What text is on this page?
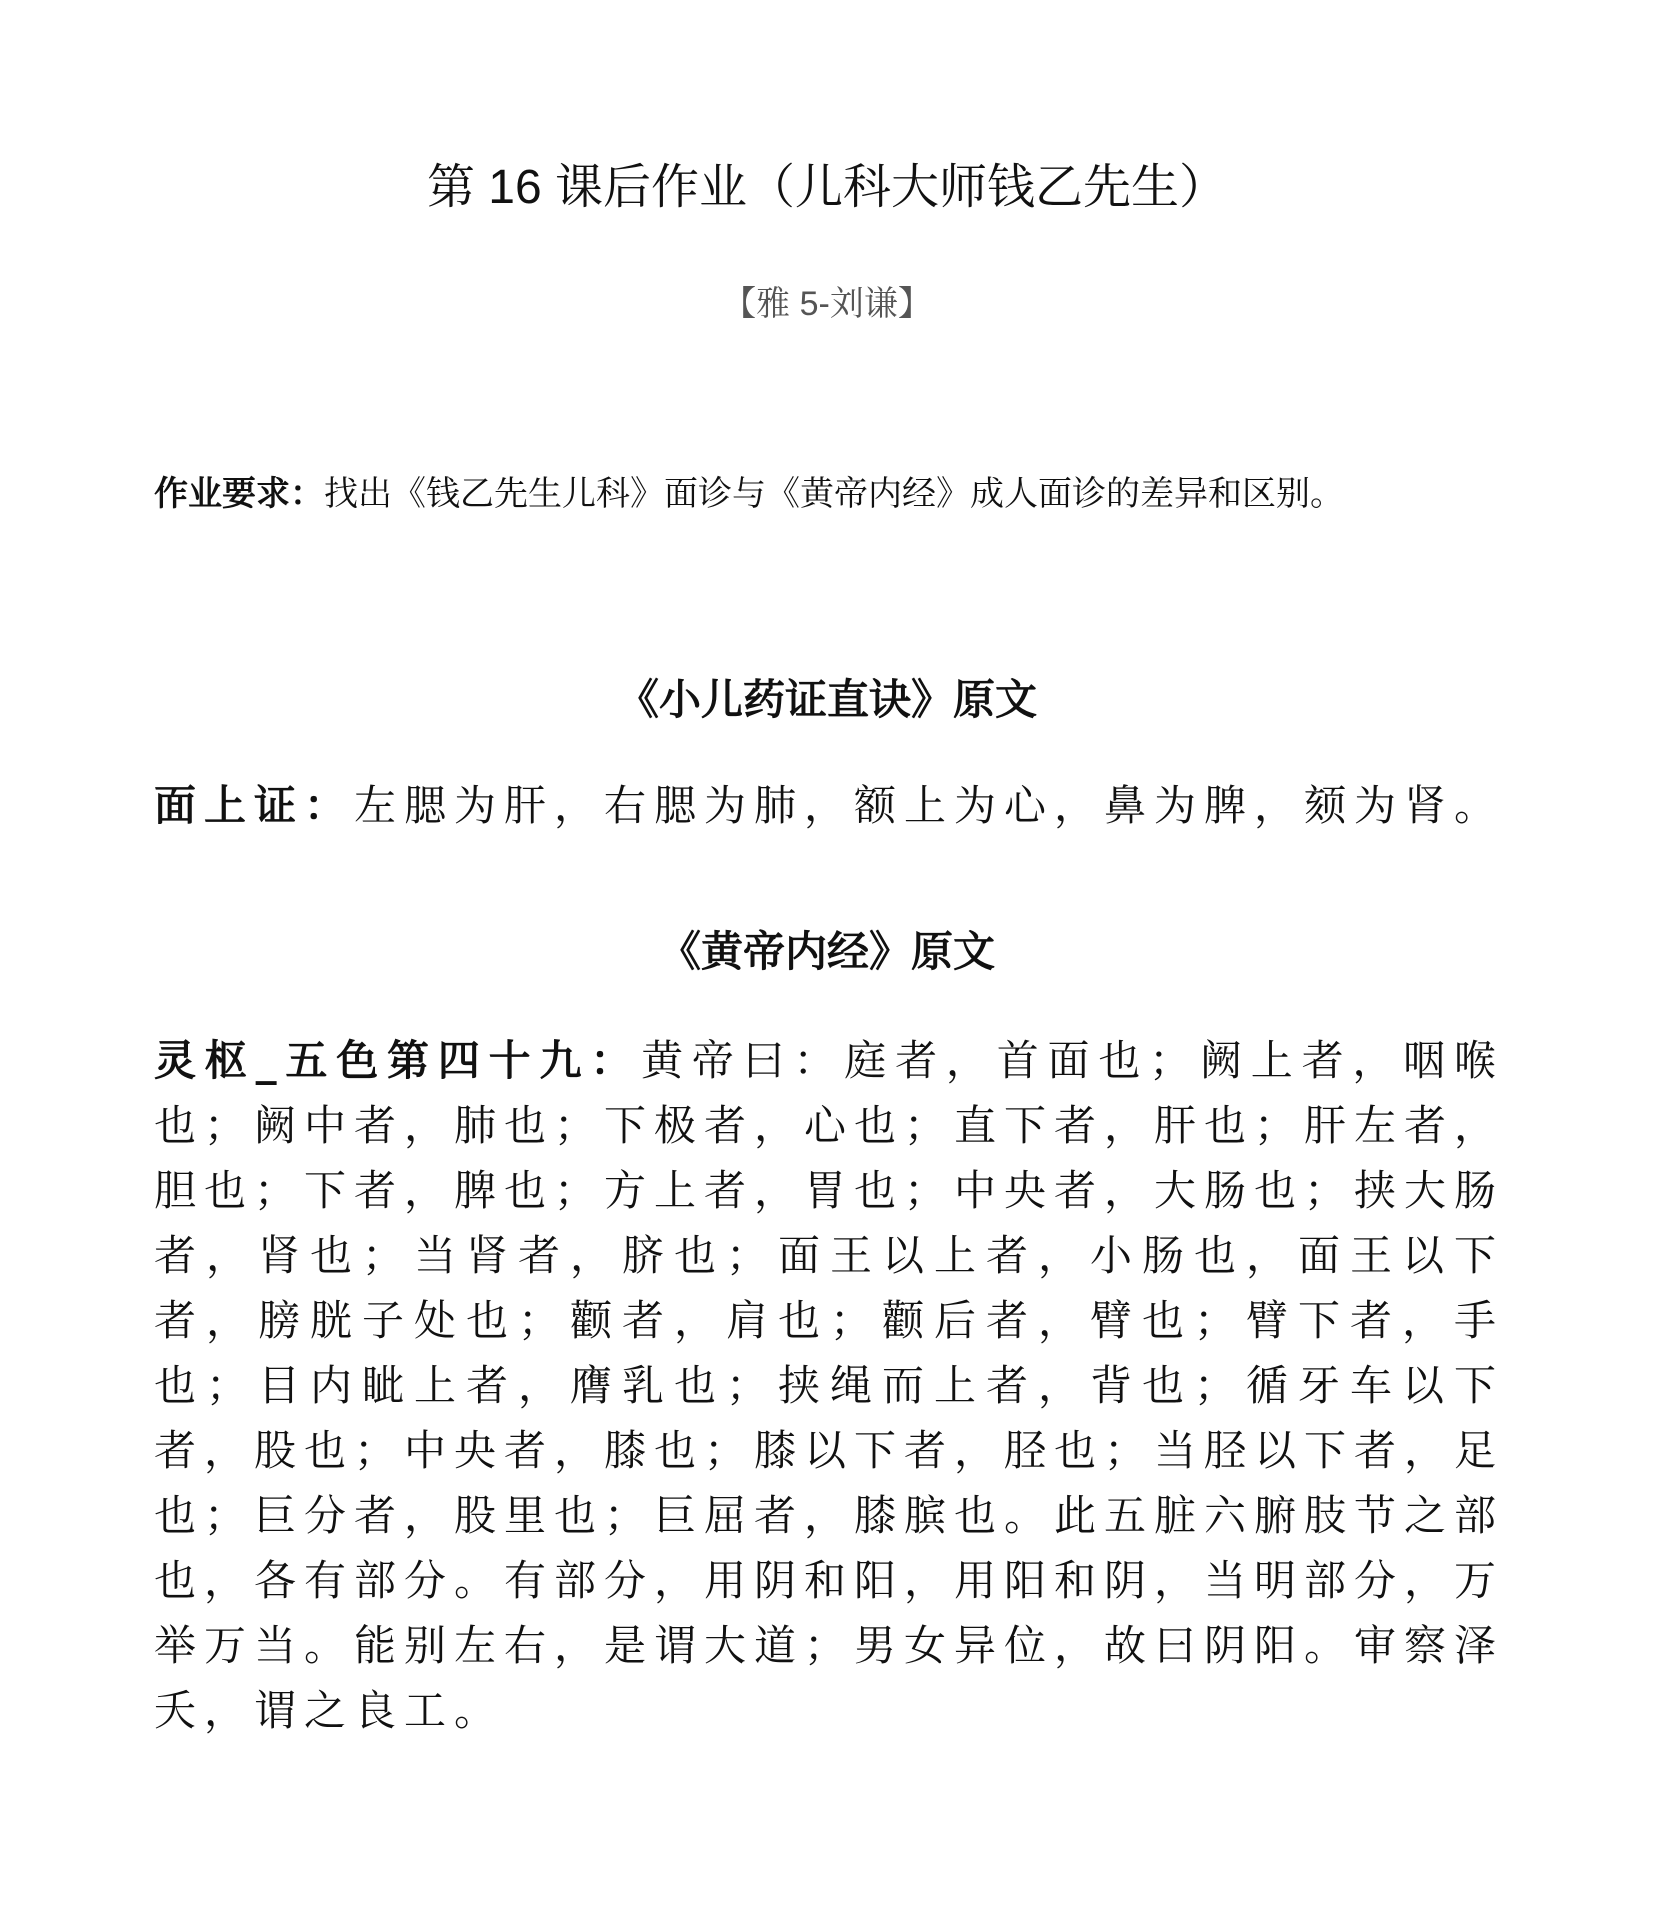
第 16 课后作业（儿科大师钱乙先生）
【雅 5-刘谦】
作业要求：找出《钱乙先生儿科》面诊与《黄帝内经》成人面诊的差异和区别。
《小儿药证直诀》原文
面上证：左腮为肝，右腮为肺，额上为心，鼻为脾，颏为肾。
《黄帝内经》原文
灵枢_五色第四十九：黄帝曰：庭者，首面也；阙上者，咽喉也；阙中者，肺也；下极者，心也；直下者，肝也；肝左者，胆也；下者，脾也；方上者，胃也；中央者，大肠也；挟大肠者，肾也；当肾者，脐也；面王以上者，小肠也，面王以下者，膀胱子处也；颧者，肩也；颧后者，臂也；臂下者，手也；目内眦上者，膺乳也；挟绳而上者，背也；循牙车以下者，股也；中央者，膝也；膝以下者，胫也；当胫以下者，足也；巨分者，股里也；巨屈者，膝膑也。此五脏六腑肢节之部也，各有部分。有部分，用阴和阳，用阳和阴，当明部分，万举万当。能别左右，是谓大道；男女异位，故曰阴阳。审察泽夭，谓之良工。
